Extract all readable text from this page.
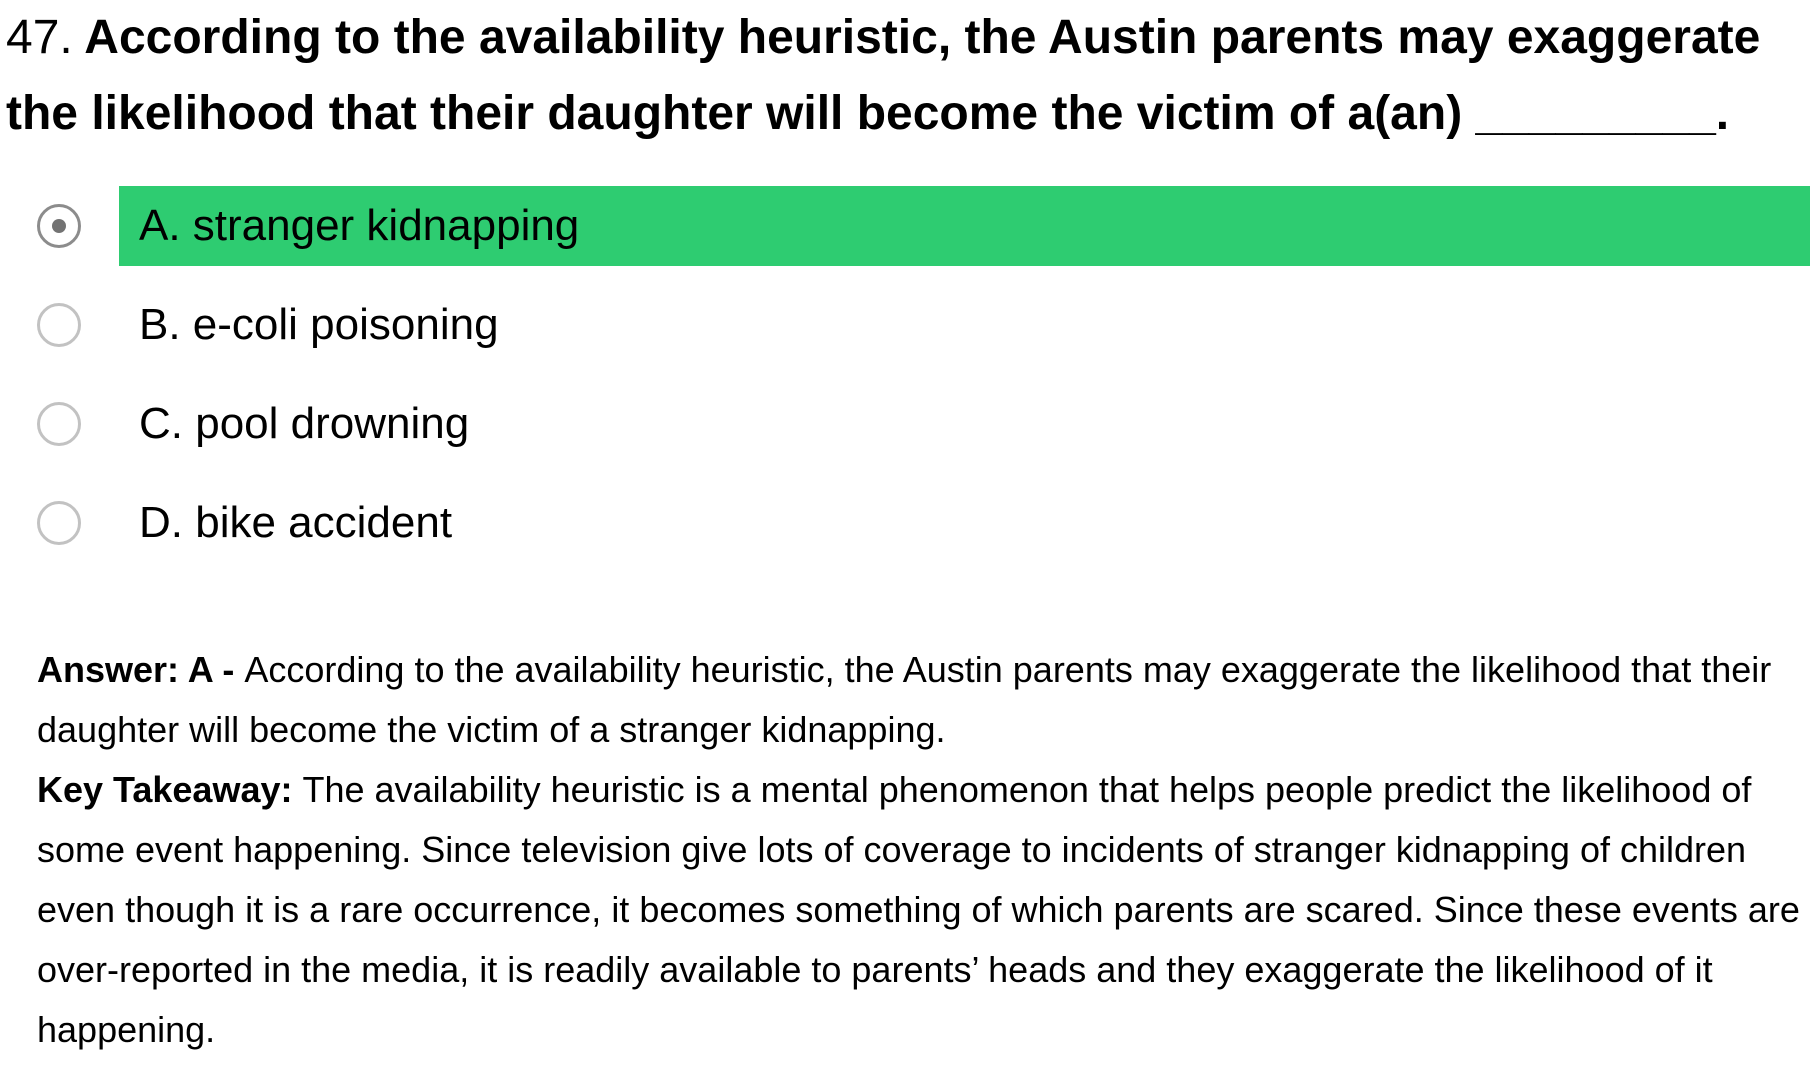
47. According to the availability heuristic, the Austin parents may exaggerate the likelihood that their daughter will become the victim of a(an) _________.
A. stranger kidnapping
B. e-coli poisoning
C. pool drowning
D. bike accident

Answer: A - According to the availability heuristic, the Austin parents may exaggerate the likelihood that their daughter will become the victim of a stranger kidnapping.

Key Takeaway: The availability heuristic is a mental phenomenon that helps people predict the likelihood of some event happening. Since television give lots of coverage to incidents of stranger kidnapping of children even though it is a rare occurrence, it becomes something of which parents are scared. Since these events are over-reported in the media, it is readily available to parents’ heads and they exaggerate the likelihood of it happening.
